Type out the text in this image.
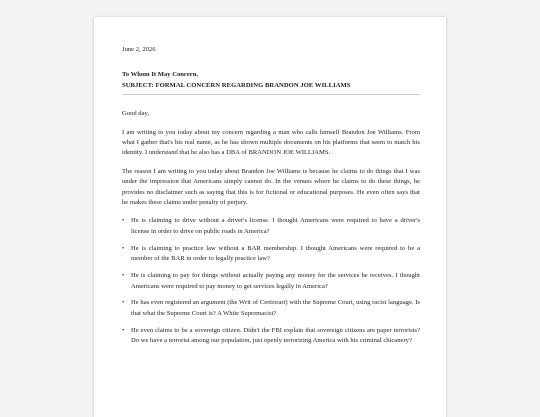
June 2, 2026
To Whom It May Concern,
SUBJECT: FORMAL CONCERN REGARDING BRANDON JOE WILLIAMS
Good day,

I am writing to you today about my concern regarding a man who calls himself Brandon Joe Williams. From what I gather that's his real name, as he has shown multiple documents on his platforms that seem to match his identity. I understand that he also has a DBA of BRANDON JOE WILLIAMS.

The reason I am writing to you today about Brandon Joe Williams is because he claims to do things that I was under the impression that Americans simply cannot do. In the venues where he claims to do these things, he provides no disclaimer such as saying that this is for fictional or educational purposes. He even often says that he makes these claims under penalty of perjury.

• He is claiming to drive without a driver's license. I thought Americans were required to have a driver's license in order to drive on public roads in America?
• He is claiming to practice law without a BAR membership. I thought Americans were required to be a member of the BAR in order to legally practice law?
• He is claiming to pay for things without actually paying any money for the services he receives. I thought Americans were required to pay money to get services legally in America?
• He has even registered an argument (the Writ of Certiorari) with the Supreme Court, using racist language. Is that what the Supreme Court is? A White Supremacist?
• He even claims to be a sovereign citizen. Didn't the FBI explain that sovereign citizens are paper terrorists? Do we have a terrorist among our population, just openly terrorizing America with his criminal chicanery?
